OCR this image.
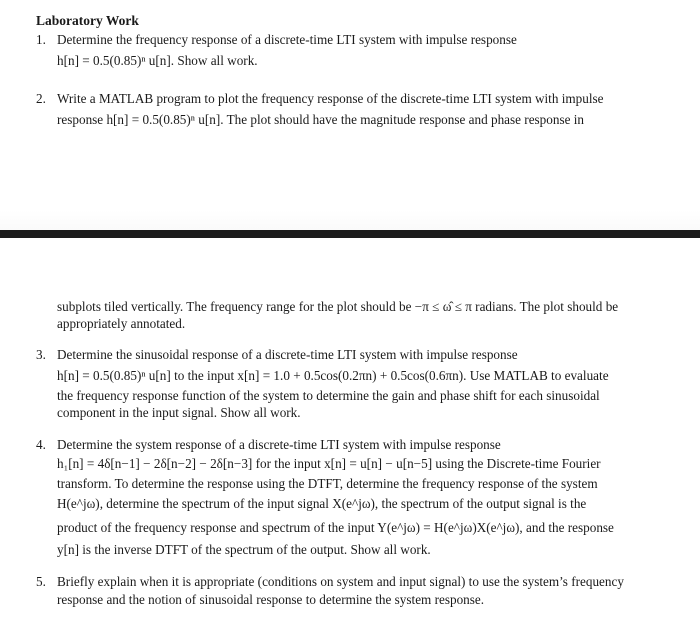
Laboratory Work
1. Determine the frequency response of a discrete-time LTI system with impulse response
h[n] = 0.5(0.85)ⁿ u[n]. Show all work.
2. Write a MATLAB program to plot the frequency response of the discrete-time LTI system with impulse
response h[n] = 0.5(0.85)ⁿ u[n]. The plot should have the magnitude response and phase response in
subplots tiled vertically. The frequency range for the plot should be −π ≤ ω̂ ≤ π radians. The plot should be
appropriately annotated.
3. Determine the sinusoidal response of a discrete-time LTI system with impulse response
h[n] = 0.5(0.85)ⁿ u[n] to the input x[n] = 1.0 + 0.5cos(0.2πn) + 0.5cos(0.6πn). Use MATLAB to evaluate
the frequency response function of the system to determine the gain and phase shift for each sinusoidal
component in the input signal. Show all work.
4. Determine the system response of a discrete-time LTI system with impulse response
h₁[n] = 4δ[n−1] − 2δ[n−2] − 2δ[n−3] for the input x[n] = u[n] − u[n−5] using the Discrete-time Fourier
transform. To determine the response using the DTFT, determine the frequency response of the system
H(e^jω), determine the spectrum of the input signal X(e^jω), the spectrum of the output signal is the
product of the frequency response and spectrum of the input Y(e^jω) = H(e^jω)X(e^jω), and the response
y[n] is the inverse DTFT of the spectrum of the output. Show all work.
5. Briefly explain when it is appropriate (conditions on system and input signal) to use the system’s frequency
response and the notion of sinusoidal response to determine the system response.
